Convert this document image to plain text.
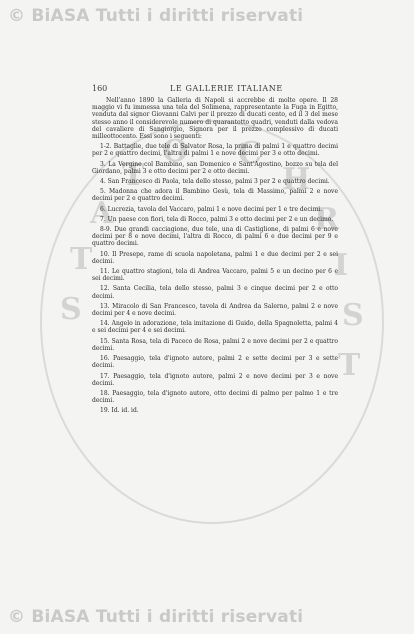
© BiASA Tutti i diritti riservati
S
T
A
T
O C
H
R
I
S
T
160	LE GALLERIE ITALIANE

Nell'anno 1890 la Galleria di Napoli si accrebbe di molte opere. Il 28 maggio vi fu immessa una tela del Solimena, rappresentante la Fuga in Egitto, venduta dal signor Giovanni Calvi per il prezzo di ducati cento, ed il 3 del mese stesso anno il considerevole numero di quarantotto quadri, venduti dalla vedova del cavaliere di Sangiorgio, Signora per il prezzo complessivo di ducati milleottocento. Essi sono i seguenti:

1-2. Battaglie, due tele di Salvator Rosa, la prima di palmi 1 e quattro decimi per 2 e quattro decimi, l'altra di palmi 1 e nove decimi per 3 e otto decimi.

3. La Vergine col Bambino, san Domenico e Sant'Agostino, bozzo su tela del Giordano, palmi 3 e otto decimi per 2 e otto decimi.

4. San Francesco di Paola, tela dello stesso, palmi 3 per 2 e quattro decimi.

5. Madonna che adora il Bambino Gesù, tela di Massimo, palmi 2 e nove decimi per 2 e quattro decimi.

6. Lucrezia, tavola del Vaccaro, palmi 1 e nove decimi per 1 e tre decimi.

7. Un paese con fiori, tela di Rocco, palmi 3 e otto decimi per 2 e un decimo.

8-9. Due grandi cacciagione, due tele, una di Castiglione, di palmi 6 e nove decimi per 8 e nove decimi, l'altra di Rocco, di palmi 6 e due decimi per 9 e quattro decimi.

10. Il Presepe, rame di scuola napoletana, palmi 1 e due decimi per 2 e sei decimi.

11. Le quattro stagioni, tela di Andrea Vaccaro, palmi 5 e un decino per 6 e sei decimi.

12. Santa Cecilia, tela dello stesso, palmi 3 e cinque decimi per 2 e otto decimi.

13. Miracolo di San Francesco, tavola di Andrea da Salerno, palmi 2 e nove decimi per 4 e nove decimi.

14. Angelo in adorazione, tela imitazione di Guido, della Spagnoletta, palmi 4 e sei decimi per 4 e sei decimi.

15. Santa Rosa, tela di Paceco de Rosa, palmi 2 e nove decimi per 2 e quattro decimi.

16. Paesaggio, tela d'ignoto autore, palmi 2 e sette decimi per 3 e sette decimi.

17. Paesaggio, tela d'ignoto autore, palmi 2 e nove decimi per 3 e nove decimi.

18. Paesaggio, tela d'ignoto autore, otto decimi di palmo per palmo 1 e tre decimi.

19. Id. id. id.

© BiASA Tutti i diritti riservati
